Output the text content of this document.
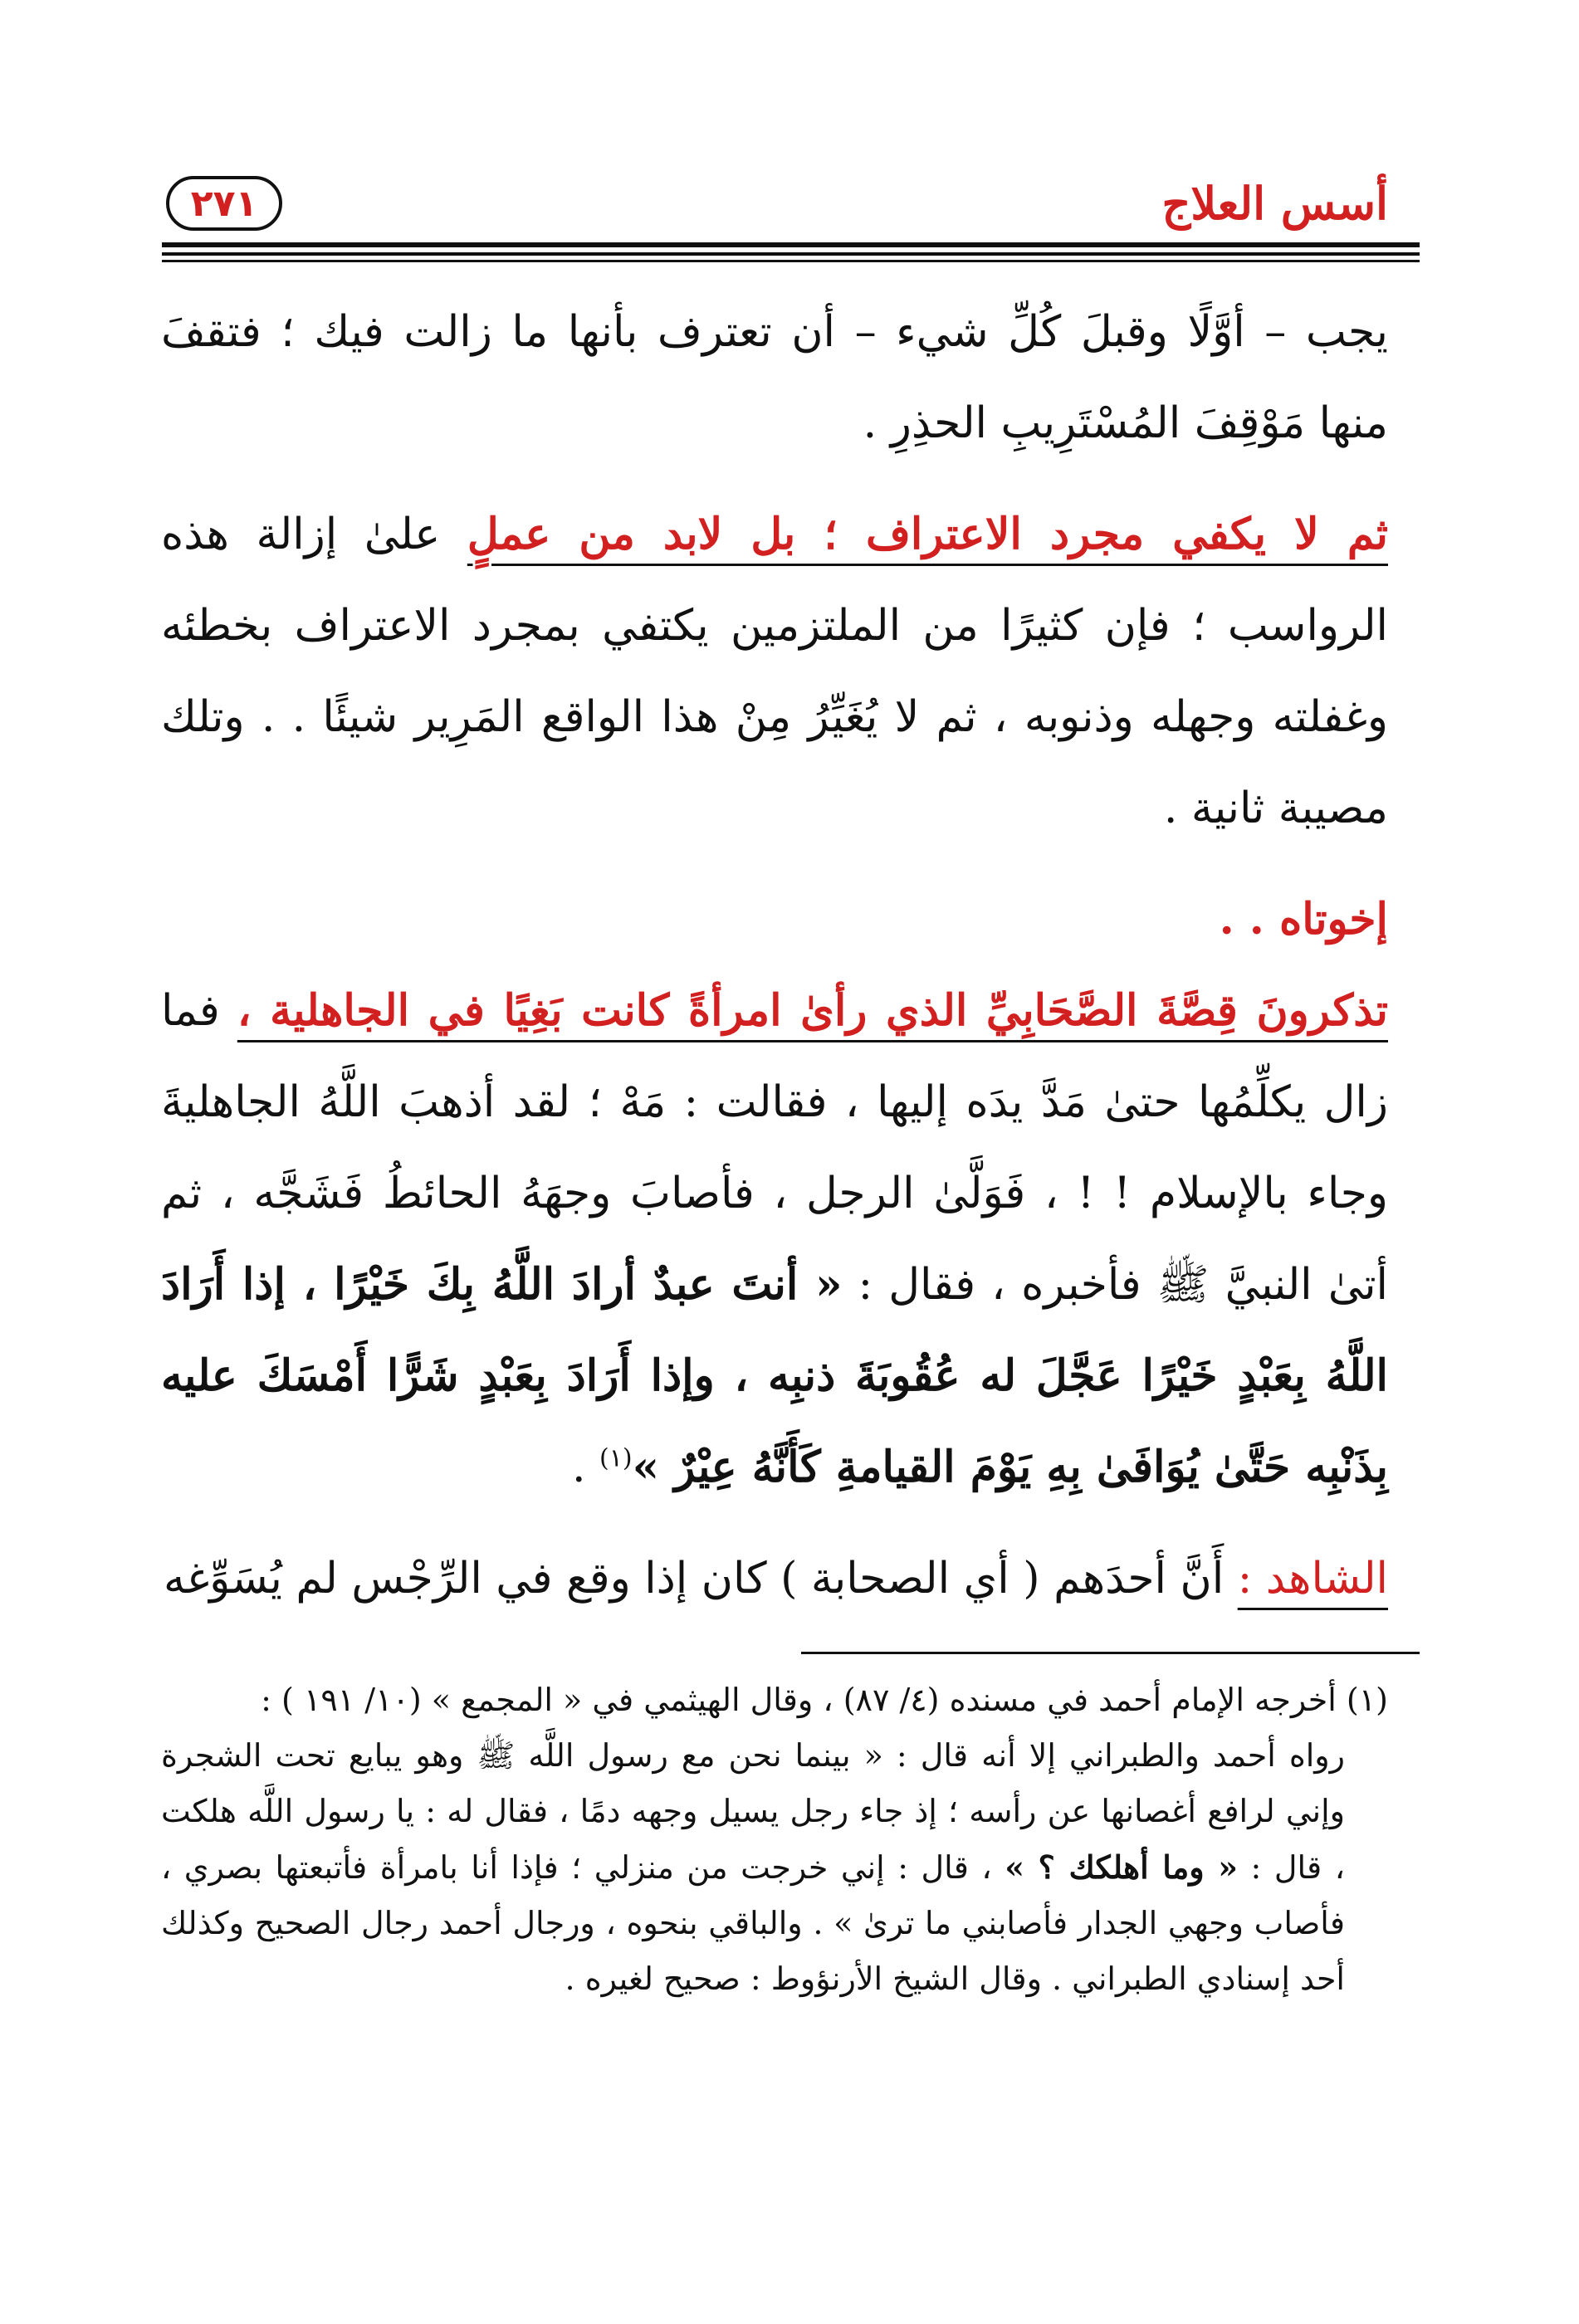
أسس العلاج
٢٧١

يجب – أوَّلًا وقبلَ كُلِّ شيء – أن تعترف بأنها ما زالت فيك ؛ فتقفَ منها مَوْقِفَ المُسْتَرِيبِ الحذِرِ .

ثم لا يكفي مجرد الاعتراف ؛ بل لابد من عملٍ علىٰ إزالة هذه الرواسب ؛ فإن كثيرًا من الملتزمين يكتفي بمجرد الاعتراف بخطئه وغفلته وجهله وذنوبه ، ثم لا يُغَيِّرُ مِنْ هذا الواقع المَرِير شيئًا . . وتلك مصيبة ثانية .

إخوتاه . .

تذكرونَ قِصَّةَ الصَّحَابِيِّ الذي رأىٰ امرأةً كانت بَغِيًا في الجاهلية ، فما زال يكلِّمُها حتىٰ مَدَّ يدَه إليها ، فقالت : مَهْ ؛ لقد أذهبَ اللَّهُ الجاهليةَ وجاء بالإسلام ! ! ، فَوَلَّىٰ الرجل ، فأصابَ وجهَهُ الحائطُ فَشَجَّه ، ثم أتىٰ النبيَّ ﷺ فأخبره ، فقال : « أنتَ عبدٌ أرادَ اللَّهُ بِكَ خَيْرًا ، إذا أَرَادَ اللَّهُ بِعَبْدٍ خَيْرًا عَجَّلَ له عُقُوبَةَ ذنبِه ، وإذا أَرَادَ بِعَبْدٍ شَرًّا أَمْسَكَ عليه بِذَنْبِه حَتَّىٰ يُوَافَىٰ بِهِ يَوْمَ القيامةِ كَأَنَّهُ عِيْرٌ »$^{(١)}$ .

الشاهد : أَنَّ أحدَهم ( أي الصحابة ) كان إذا وقع في الرِّجْس لم يُسَوِّغه

(١) أخرجه الإمام أحمد في مسنده (٤/ ٨٧) ، وقال الهيثمي في « المجمع » (١٠/ ١٩١ ) :
رواه أحمد والطبراني إلا أنه قال : « بينما نحن مع رسول اللَّه ﷺ وهو يبايع تحت الشجرة وإني لرافع أغصانها عن رأسه ؛ إذ جاء رجل يسيل وجهه دمًا ، فقال له : يا رسول اللَّه هلكت ، قال : « وما أهلكك ؟ » ، قال : إني خرجت من منزلي ؛ فإذا أنا بامرأة فأتبعتها بصري ، فأصاب وجهي الجدار فأصابني ما ترىٰ » . والباقي بنحوه ، ورجال أحمد رجال الصحيح وكذلك أحد إسنادي الطبراني . وقال الشيخ الأرنؤوط : صحيح لغيره .
